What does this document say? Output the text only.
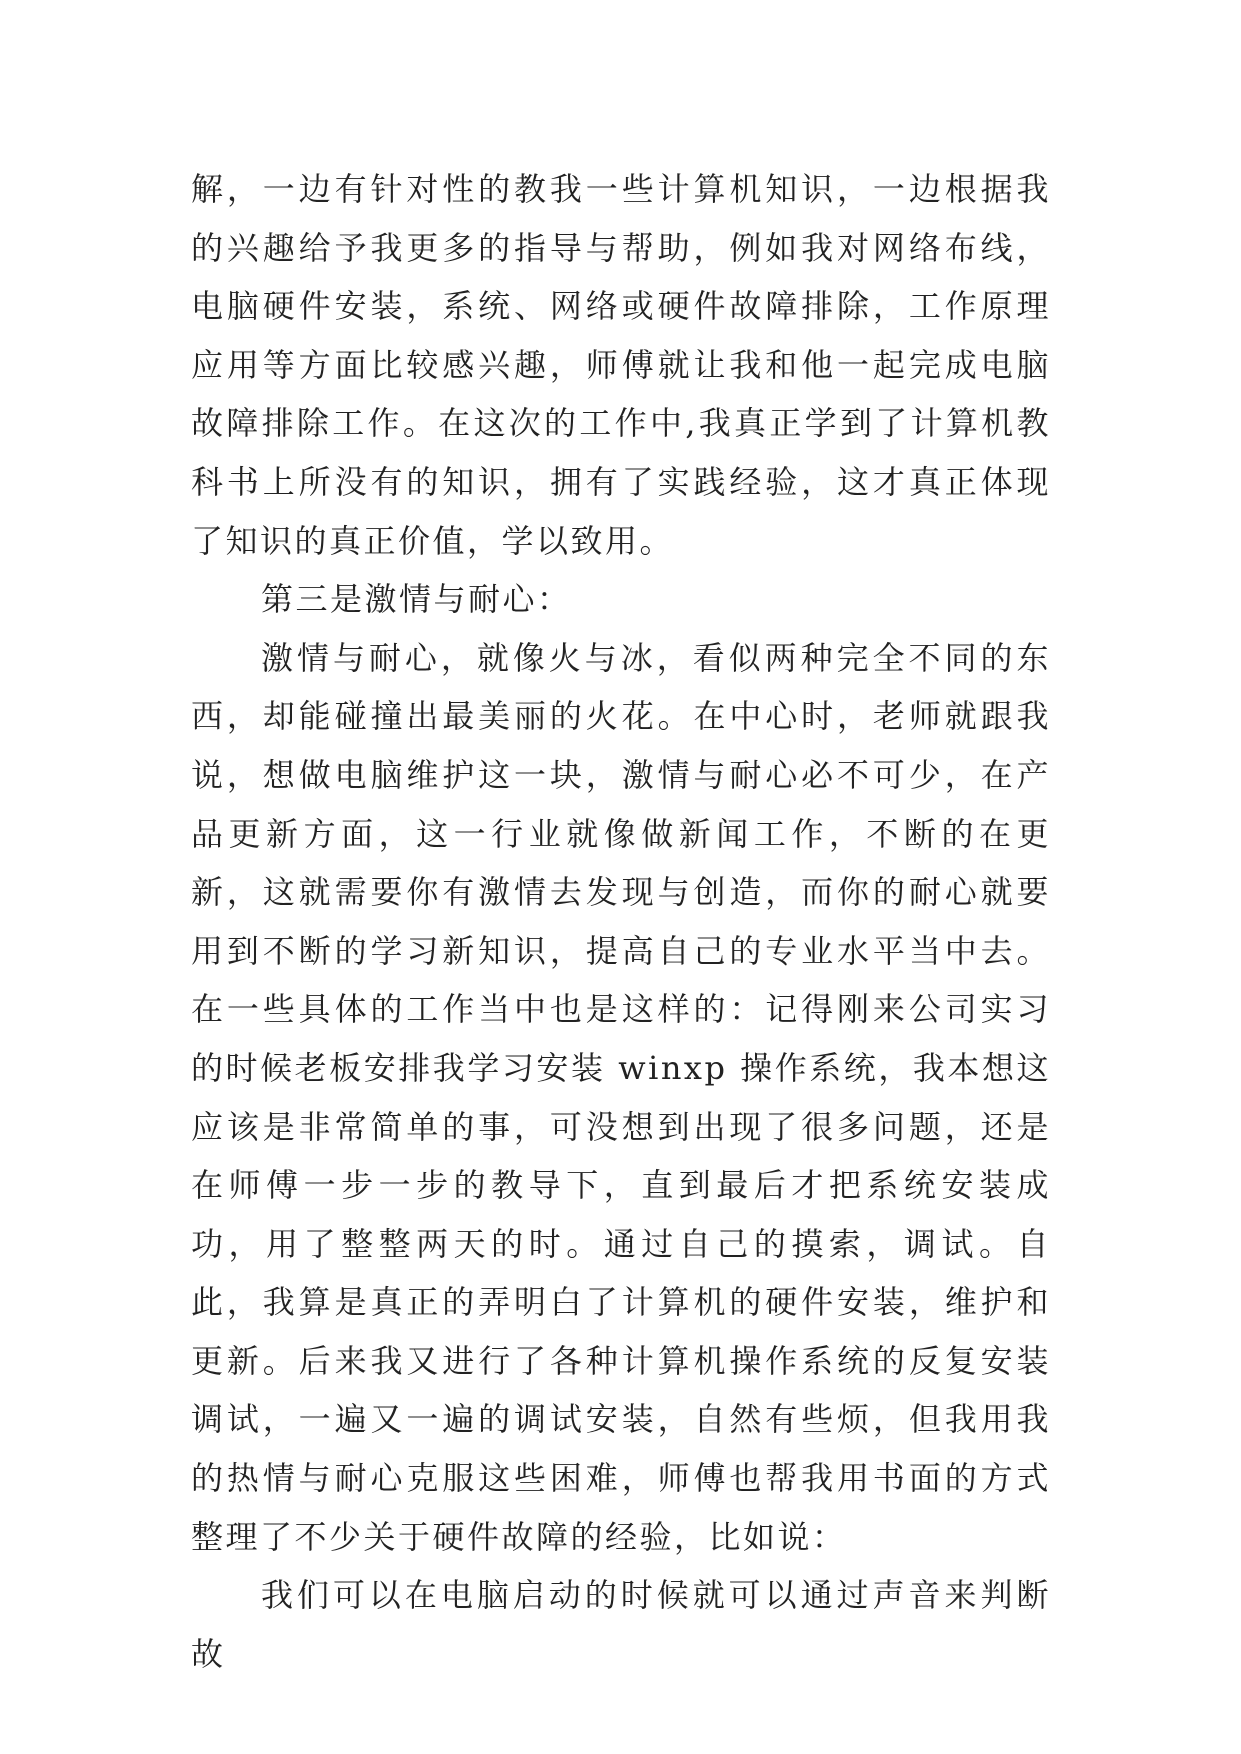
解，一边有针对性的教我一些计算机知识，一边根据我的兴趣给予我更多的指导与帮助，例如我对网络布线，电脑硬件安装，系统、网络或硬件故障排除，工作原理应用等方面比较感兴趣，师傅就让我和他一起完成电脑故障排除工作。在这次的工作中,我真正学到了计算机教科书上所没有的知识，拥有了实践经验，这才真正体现了知识的真正价值，学以致用。

第三是激情与耐心：

激情与耐心，就像火与冰，看似两种完全不同的东西，却能碰撞出最美丽的火花。在中心时，老师就跟我说，想做电脑维护这一块，激情与耐心必不可少，在产品更新方面，这一行业就像做新闻工作，不断的在更新，这就需要你有激情去发现与创造，而你的耐心就要用到不断的学习新知识，提高自己的专业水平当中去。在一些具体的工作当中也是这样的：记得刚来公司实习的时候老板安排我学习安装 winxp 操作系统，我本想这应该是非常简单的事，可没想到出现了很多问题，还是在师傅一步一步的教导下，直到最后才把系统安装成功，用了整整两天的时。通过自己的摸索，调试。自此，我算是真正的弄明白了计算机的硬件安装，维护和更新。后来我又进行了各种计算机操作系统的反复安装调试，一遍又一遍的调试安装，自然有些烦，但我用我的热情与耐心克服这些困难，师傅也帮我用书面的方式整理了不少关于硬件故障的经验，比如说：

我们可以在电脑启动的时候就可以通过声音来判断故
